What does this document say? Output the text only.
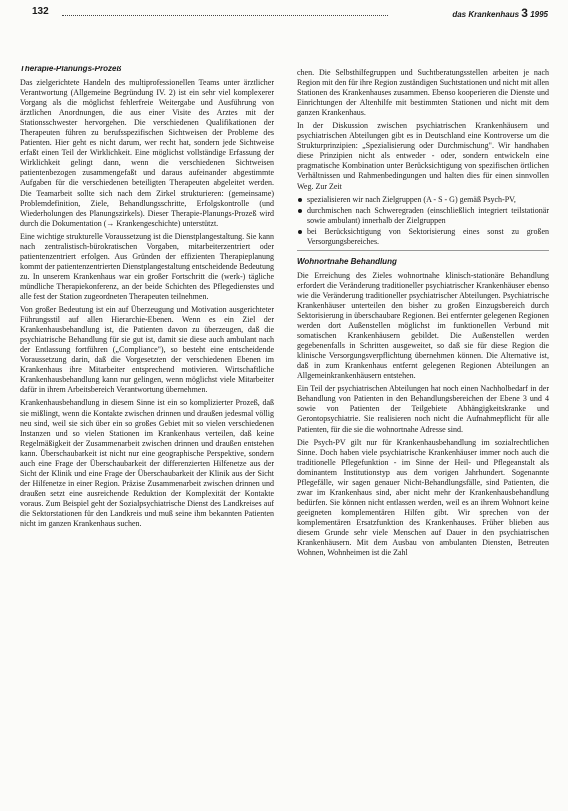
132	das Krankenhaus 3 1995
Therapie-Planungs-Prozeß

Das zielgerichtete Handeln des multiprofessionellen Teams unter ärztlicher Verantwortung (Allgemeine Begründung IV. 2) ist ein sehr viel komplexerer Vorgang als die möglichst fehlerfreie Weitergabe und Ausführung von ärztlichen Anordnungen, die aus einer Visite des Arztes mit der Stationsschwester hervorgehen. Die verschiedenen Qualifikationen der Therapeuten führen zu berufsspezifischen Sichtweisen der Probleme des Patienten. Hier geht es nicht darum, wer recht hat, sondern jede Sichtweise erfaßt einen Teil der Wirklichkeit. Eine möglichst vollständige Erfassung der Wirklichkeit gelingt dann, wenn die verschiedenen Sichtweisen patientenbezogen zusammengefaßt und daraus aufeinander abgestimmte Aufgaben für die verschiedenen beteiligten Therapeuten abgeleitet werden. Die Teamarbeit sollte sich nach dem Zirkel strukturieren: (gemeinsame) Problemdefinition, Ziele, Behandlungsschritte, Erfolgskontrolle (und Wiederholungen des Planungszirkels). Dieser Therapie-Planungs-Prozeß wird durch die Dokumentation (→ Krankengeschichte) unterstützt.

Eine wichtige strukturelle Voraussetzung ist die Dienstplangestaltung. Sie kann nach zentralistisch-bürokratischen Vorgaben, mitarbeiterzentriert oder patientenzentriert erfolgen. Aus Gründen der effizienten Therapieplanung kommt der patientenzentrierten Dienstplangestaltung entscheidende Bedeutung zu. In unserem Krankenhaus war ein großer Fortschritt die (werk-) tägliche mündliche Therapiekonferenz, an der beide Schichten des Pflegedienstes und alle fest der Station zugeordneten Therapeuten teilnehmen.

Von großer Bedeutung ist ein auf Überzeugung und Motivation ausgerichteter Führungsstil auf allen Hierarchie-Ebenen. Wenn es ein Ziel der Krankenhausbehandlung ist, die Patienten davon zu überzeugen, daß die psychiatrische Behandlung für sie gut ist, damit sie diese auch ambulant nach der Entlassung fortführen („Compliance"), so besteht eine entscheidende Voraussetzung darin, daß die Vorgesetzten der verschiedenen Ebenen im Krankenhaus ihre Mitarbeiter entsprechend motivieren. Wirtschaftliche Krankenhausbehandlung kann nur gelingen, wenn möglichst viele Mitarbeiter dafür in ihrem Arbeitsbereich Verantwortung übernehmen.

Krankenhausbehandlung in diesem Sinne ist ein so komplizierter Prozeß, daß sie mißlingt, wenn die Kontakte zwischen drinnen und draußen jedesmal völlig neu sind, weil sie sich über ein so großes Gebiet mit so vielen verschiedenen Instanzen und so vielen Stationen im Krankenhaus verteilen, daß keine Regelmäßigkeit der Zusammenarbeit zwischen drinnen und draußen entstehen kann. Überschaubarkeit ist nicht nur eine geographische Perspektive, sondern auch eine Frage der Überschaubarkeit der differenzierten Hilfenetze aus der Sicht der Klinik und eine Frage der Überschaubarkeit der Klinik aus der Sicht der Hilfenetze in einer Region. Präzise Zusammenarbeit zwischen drinnen und draußen setzt eine ausreichende Reduktion der Komplexität der Kontakte voraus. Zum Beispiel geht der Sozialpsychiatrische Dienst des Landkreises auf die Sektorstationen für den Landkreis und muß seine ihm bekannten Patienten nicht im ganzen Krankenhaus suchen.

chen. Die Selbsthilfegruppen und Suchtberatungsstellen arbeiten je nach Region mit den für ihre Region zuständigen Suchtstationen und nicht mit allen Stationen des Krankenhauses zusammen. Ebenso kooperieren die Dienste und Einrichtungen der Altenhilfe mit bestimmten Stationen und nicht mit dem ganzen Krankenhaus.

In der Diskussion zwischen psychiatrischen Krankenhäusern und psychiatrischen Abteilungen gibt es in Deutschland eine Kontroverse um die Strukturprinzipien: „Spezialisierung oder Durchmischung". Wir handhaben diese Prinzipien nicht als entweder - oder, sondern entwickeln eine pragmatische Kombination unter Berücksichtigung von spezifischen örtlichen Verhältnissen und Rahmenbedingungen und halten dies für einen sinnvollen Weg. Zur Zeit

spezialisieren wir nach Zielgruppen (A - S - G) gemäß Psych-PV,
durchmischen nach Schweregraden (einschließlich integriert teilstationär sowie ambulant) innerhalb der Zielgruppen
bei Berücksichtigung von Sektorisierung eines sonst zu großen Versorgungsbereiches.
Wohnortnahe Behandlung

Die Erreichung des Zieles wohnortnahe klinisch-stationäre Behandlung erfordert die Veränderung traditioneller psychiatrischer Krankenhäuser ebenso wie die Veränderung traditioneller psychiatrischer Abteilungen. Psychiatrische Krankenhäuser unterteilen den bisher zu großen Einzugsbereich durch Sektorisierung in überschaubare Regionen. Bei entfernter gelegenen Regionen werden dort Außenstellen möglichst im funktionellen Verbund mit somatischen Krankenhäusern gebildet. Die Außenstellen werden gegebenenfalls in Schritten ausgeweitet, so daß sie für diese Region die klinische Versorgungsverpflichtung übernehmen können. Die Alternative ist, daß in zum Krankenhaus entfernt gelegenen Regionen Abteilungen an Allgemeinkrankenhäusern entstehen.

Ein Teil der psychiatrischen Abteilungen hat noch einen Nachholbedarf in der Behandlung von Patienten in den Behandlungsbereichen der Ebene 3 und 4 sowie von Patienten der Teilgebiete Abhängigkeitskranke und Gerontopsychiatrie. Sie realisieren noch nicht die Aufnahmepflicht für alle Patienten, für die sie die wohnortnahe Adresse sind.

Die Psych-PV gilt nur für Krankenhausbehandlung im sozialrechtlichen Sinne. Doch haben viele psychiatrische Krankenhäuser immer noch auch die traditionelle Pflegefunktion - im Sinne der Heil- und Pflegeanstalt als dominantem Institutionstyp aus dem vorigen Jahrhundert. Sogenannte Pflegefälle, wir sagen genauer Nicht-Behandlungsfälle, sind Patienten, die zwar im Krankenhaus sind, aber nicht mehr der Krankenhausbehandlung bedürfen. Sie können nicht entlassen werden, weil es an ihrem Wohnort keine geeigneten komplementären Hilfen gibt. Wir sprechen von der komplementären Ersatzfunktion des Krankenhauses. Früher blieben aus diesem Grunde sehr viele Menschen auf Dauer in den psychiatrischen Krankenhäusern. Mit dem Ausbau von ambulanten Diensten, Betreuten Wohnen, Wohnheimen ist die Zahl
